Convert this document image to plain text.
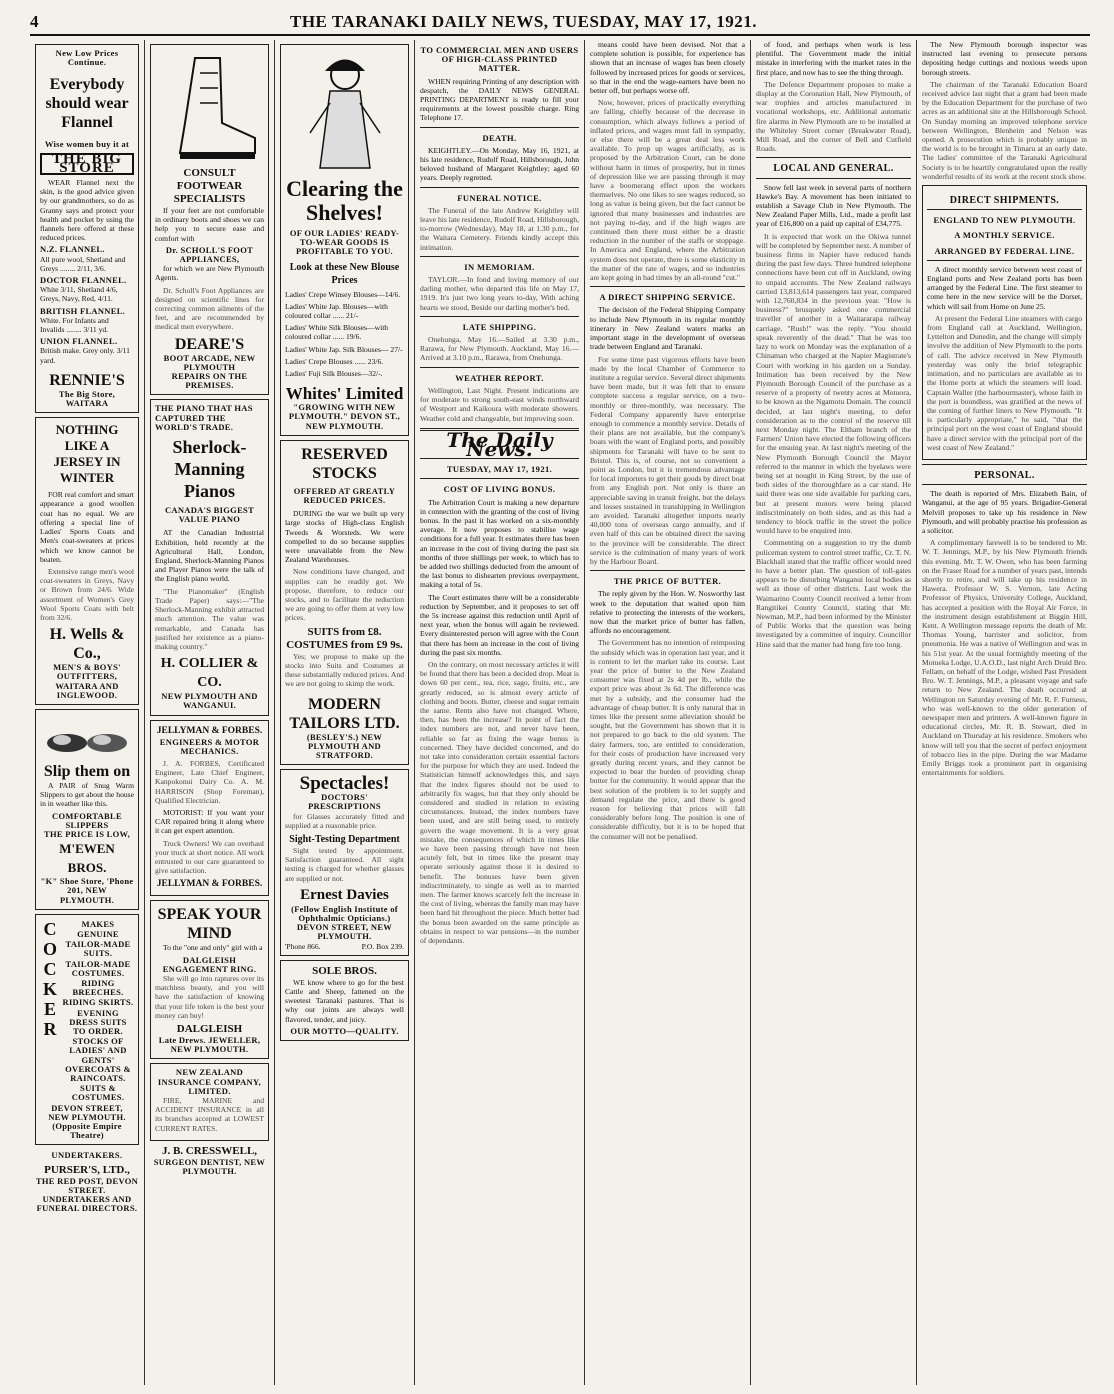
4	THE TARANAKI DAILY NEWS, TUESDAY, MAY 17, 1921.
New Low Prices Continue.
Everybody should wear Flannel
Wise women buy it at
THE BIG STORE
WEAR Flannel next the skin, is the good advice given by our grandmothers, so do as Granny says and protect your health and pocket by using the flannels here offered at these reduced prices.
N.Z. FLANNEL.
All pure wool, Shetland and Greys ........ 2/11, 3/6.
DOCTOR FLANNEL.
White 3/11, Shetland 4/6, Greys, Navy, Red, 4/11.
BRITISH FLANNEL.
White. For Infants and Invalids ........ 3/11 yd.
UNION FLANNEL.
British make. Grey only. 3/11 yard.
RENNIE'S
The Big Store, WAITARA
NOTHING LIKE A JERSEY IN WINTER
FOR real comfort and smart appearance a good woollen coat has no equal. We are offering a special line of Ladies' Sports Coats and Men's coat-sweaters at prices which we know cannot be beaten.
Extensive range men's wool coat-sweaters in Greys, Navy or Brown from 24/6. Wide assortment of Women's Grey Wool Sports Coats with belt from 32/6.
H. Wells & Co.,
MEN'S & BOYS' OUTFITTERS, WAITARA AND INGLEWOOD.
Slip them on
A PAIR of Snug Warm Slippers to get about the house in in weather like this.
COMFORTABLE SLIPPERS
THE PRICE IS LOW,
M'EWEN BROS.
"K" Shoe Store, 'Phone 201, NEW PLYMOUTH.
C
O
C
K
E
R
MAKES
GENUINE
TAILOR-MADE SUITS.
TAILOR-MADE COSTUMES.
RIDING BREECHES.
RIDING SKIRTS.
EVENING DRESS SUITS TO ORDER.
STOCKS OF LADIES' AND GENTS' OVERCOATS & RAINCOATS.
SUITS & COSTUMES.
DEVON STREET, NEW PLYMOUTH. (Opposite Empire Theatre)
UNDERTAKERS.
PURSER'S, LTD.,
THE RED POST, DEVON STREET. UNDERTAKERS AND FUNERAL DIRECTORS.
CONSULT FOOTWEAR SPECIALISTS
If your feet are not comfortable in ordinary boots and shoes we can help you to secure ease and comfort with
Dr. SCHOLL'S FOOT APPLIANCES,
for which we are New Plymouth Agents.
Dr. Scholl's Foot Appliances are designed on scientific lines for correcting common ailments of the feet, and are recommended by medical men everywhere.
DEARE'S
BOOT ARCADE, NEW PLYMOUTH
REPAIRS ON THE PREMISES.
THE PIANO THAT HAS CAPTURED THE WORLD'S TRADE.
Sherlock-Manning Pianos
CANADA'S BIGGEST VALUE PIANO
AT the Canadian Industrial Exhibition, held recently at the Agricultural Hall, London, England, Sherlock-Manning Pianos and Player Pianos were the talk of the English piano world.
"The Pianomaker" (English Trade Paper) says:—"The Sherlock-Manning exhibit attracted much attention. The value was remarkable, and Canada has justified her existence as a piano-making country."
H. COLLIER & CO.
NEW PLYMOUTH AND WANGANUI.
JELLYMAN & FORBES.
ENGINEERS & MOTOR MECHANICS.
J. A. FORBES, Certificated Engineer, Late Chief Engineer, Kanpokonui Dairy Co. A. M. HARRISON (Shop Foreman), Qualified Electrician.
MOTORIST: If you want your CAR repaired bring it along where it can get expert attention.
Truck Owners! We can overhaul your truck at short notice. All work entrusted to our care guaranteed to give satisfaction.
JELLYMAN & FORBES.
SPEAK YOUR MIND
To the "one and only" girl with a
DALGLEISH ENGAGEMENT RING.
She will go into raptures over its matchless beauty, and you will have the satisfaction of knowing that your life token is the best your money can buy!
DALGLEISH
Late Drews. JEWELLER, NEW PLYMOUTH.
NEW ZEALAND INSURANCE COMPANY, LIMITED.
FIRE, MARINE and ACCIDENT INSURANCE in all its branches accepted at LOWEST CURRENT RATES.
J. B. CRESSWELL,
SURGEON DENTIST, NEW PLYMOUTH.
Clearing the Shelves!
OF OUR LADIES' READY-TO-WEAR GOODS IS PROFITABLE TO YOU.
Look at these New Blouse Prices
Ladies' Crepe Winsey Blouses—14/6.
Ladies' White Jap. Blouses—with coloured collar ...... 21/-
Ladies' White Silk Blouses—with coloured collar ...... 19/6.
Ladies' White Jap. Silk Blouses— 27/-
Ladies' Crepe Blouses ...... 23/6.
Ladies' Fuji Silk Blouses—32/-.
Whites' Limited
"GROWING WITH NEW PLYMOUTH." DEVON ST., NEW PLYMOUTH.
RESERVED STOCKS
OFFERED AT GREATLY REDUCED PRICES.
DURING the war we built up very large stocks of High-class English Tweeds & Worsteds. We were compelled to do so because supplies were unavailable from the New Zealand Warehouses.
Now conditions have changed, and supplies can be readily got. We propose, therefore, to reduce our stocks, and to facilitate the reduction we are going to offer them at very low prices.
SUITS from £8. COSTUMES from £9 9s.
Yes; we propose to make up the stocks into Suits and Costumes at these substantially reduced prices. And we are not going to skimp the work.
MODERN TAILORS LTD.
(BESLEY'S.) NEW PLYMOUTH AND STRATFORD.
Spectacles!
DOCTORS' PRESCRIPTIONS
for Glasses accurately fitted and supplied at a reasonable price.
Sight-Testing Department
Sight tested by appointment. Satisfaction guaranteed. All sight testing is charged for whether glasses are supplied or not.
Ernest Davies
(Fellow English Institute of Ophthalmic Opticians.) DEVON STREET, NEW PLYMOUTH.
'Phone 866.	P.O. Box 239.
SOLE BROS.
WE know where to go for the best Cattle and Sheep, fattened on the sweetest Taranaki pastures. That is why our joints are always well flavored, tender, and juicy.
OUR MOTTO—QUALITY.
TO COMMERCIAL MEN AND USERS OF HIGH-CLASS PRINTED MATTER.
WHEN requiring Printing of any description with despatch, the DAILY NEWS GENERAL PRINTING DEPARTMENT is ready to fill your requirements at the lowest possible charge. Ring Telephone 17.
DEATH.
KEIGHTLEY.—On Monday, May 16, 1921, at his late residence, Rudolf Road, Hillsborough, John beloved husband of Margaret Keightley; aged 60 years. Deeply regretted.
FUNERAL NOTICE.
The Funeral of the late Andrew Keightley will leave his late residence, Rudolf Road, Hillsborough, to-morrow (Wednesday), May 18, at 1.30 p.m., for the Waitara Cemetery. Friends kindly accept this intimation.
IN MEMORIAM.
TAYLOR.—In fond and loving memory of our darling mother, who departed this life on May 17, 1919. It's just two long years to-day, With aching hearts we stood, Beside our darling mother's bed.
LATE SHIPPING.
Onehunga, May 16.—Sailed at 3.30 p.m., Rarawa, for New Plymouth. Auckland, May 16.—Arrived at 3.10 p.m., Rarawa, from Onehunga.
WEATHER REPORT.
Wellington, Last Night. Present indications are for moderate to strong south-east winds northward of Westport and Kaikoura with moderate showers. Weather cold and changeable, but improving soon.
The Daily News.
TUESDAY, MAY 17, 1921.
COST OF LIVING BONUS.
The Arbitration Court is making a new departure in connection with the granting of the cost of living bonus. In the past it has worked on a six-monthly average. It now proposes to stabilise wage conditions for a full year. It estimates there has been an increase in the cost of living during the past six months of three shillings per week, to which has to be added two shillings deducted from the amount of the last bonus to dishearten previous overpayment, making a total of 5s.
The Court estimates there will be a considerable reduction by September, and it proposes to set off the 5s increase against this reduction until April of next year, when the bonus will again be reviewed. Every disinterested person will agree with the Court that there has been an increase in the cost of living during the past six months.
On the contrary, on most necessary articles it will be found that there has been a decided drop. Meat is down 60 per cent., tea, rice, sago, fruits, etc., are greatly reduced, so is almost every article of clothing and boots. Butter, cheese and sugar remain the same. Rents also have not changed. Where, then, has been the increase? In point of fact the index numbers are not, and never have been, reliable so far as fixing the wage bonus is concerned. They have decided concerned, and do not take into consideration certain essential factors for the purpose for which they are used. Indeed the Statistician himself acknowledges this, and says that the index figures should not be used to arbitrarily fix wages, but that they only should be considered and studied in relation to existing circumstances. Instead, the index numbers have been used, and are still being used, to entirely govern the wage movement. It is a very great mistake, the consequences of which in times like we have been passing through have not been acutely felt, but in times like the present may operate seriously against those it is desired to benefit. The bonuses have been given indiscriminately, to single as well as to married men. The farmer knows scarcely felt the increase in the cost of living, whereas the family man may have been hard hit throughout the piece. Much better had the bonus been awarded on the same principle as obtains in respect to war pensions—in the number of dependants.
means could have been devised. Not that a complete solution is possible, for experience has shown that an increase of wages has been closely followed by increased prices for goods or services, so that in the end the wage-earners have been no better off, but perhaps worse off.
Now, however, prices of practically everything are falling, chiefly because of the decrease in consumption, which always follows a period of inflated prices, and wages must fall in sympathy, or else there will be a great deal less work available. To prop up wages artificially, as is proposed by the Arbitration Court, can be done without harm in times of prosperity, but in times of depression like we are passing through it may have a boomerang effect upon the workers themselves. No one likes to see wages reduced, so long as value is being given, but the fact cannot be ignored that many businesses and industries are not paying to-day, and if the high wages are continued then there must either be a drastic reduction in the number of the staffs or stoppage. In America and England, where the Arbitration system does not operate, there is some elasticity in the matter of the rate of wages, and so industries are kept going in bad times by an all-round "cut."
A DIRECT SHIPPING SERVICE.
The decision of the Federal Shipping Company to include New Plymouth in its regular monthly itinerary in New Zealand waters marks an important stage in the development of overseas trade between England and Taranaki.
For some time past vigorous efforts have been made by the local Chamber of Commerce to institute a regular service. Several direct shipments have been made, but it was felt that to ensure complete success a regular service, on a two-monthly or three-monthly, was necessary. The Federal Company apparently have enterprise enough to commence a monthly service. Details of their plans are not available, but the company's boats with the want of England ports, and possibly shipments for Taranaki will have to be sent to Bristol. This is, of course, not so convenient a point as London, but it is tremendous advantage for local importers to get their goods by direct boat from any English port. Not only is there an appreciable saving in transit freight, but the delays and losses sustained in transhipping in Wellington are avoided. Taranaki altogether imports nearly 40,000 tons of overseas cargo annually, and if even half of this can be obtained direct the saving to the province will be considerable. The direct service is the culmination of many years of work by the Harbour Board.
THE PRICE OF BUTTER.
The reply given by the Hon. W. Nosworthy last week to the deputation that waited upon him relative to protecting the interests of the workers, now that the market price of butter has fallen, affords no encouragement.
The Government has no intention of reimposing the subsidy which was in operation last year, and it is content to let the market take its course. Last year the price of butter to the New Zealand consumer was fixed at 2s 4d per lb., while the export price was about 3s 6d. The difference was met by a subsidy, and the consumer had the advantage of cheap butter. It is only natural that in times like the present some alleviation should be sought, but the Government has shown that it is not prepared to go back to the old system. The dairy farmers, too, are entitled to consideration, for their costs of production have increased very greatly during recent years, and they cannot be expected to bear the burden of providing cheap butter for the community. It would appear that the best solution of the problem is to let supply and demand regulate the price, and there is good reason for believing that prices will fall considerably before long. The position is one of considerable difficulty, but it is to be hoped that the consumer will not be penalised.
of food, and perhaps when work is less plentiful. The Government made the initial mistake in interfering with the market rates in the first place, and now has to see the thing through.
The Defence Department proposes to make a display at the Coronation Hall, New Plymouth, of war trophies and articles manufactured in vocational workshops, etc. Additional automatic fire alarms in New Plymouth are to be installed at the Whiteley Street corner (Breakwater Road), Mill Road, and the corner of Bell and Cutfield Roads.
LOCAL AND GENERAL.
Snow fell last week in several parts of northern Hawke's Bay. A movement has been initiated to establish a Savage Club in New Plymouth. The New Zealand Paper Mills, Ltd., made a profit last year of £16,800 on a paid up capital of £34,775.
It is expected that work on the Okiwa tunnel will be completed by September next. A number of business firms in Napier have reduced hands during the past few days. Three hundred telephone connections have been cut off in Auckland, owing to unpaid accounts. The New Zealand railways carried 13,813,614 passengers last year, compared with 12,760,834 in the previous year. "How is business?" brusquely asked one commercial traveller of another in a Waitararapa railway carriage. "Rush!" was the reply. "You should speak reverently of the dead." That he was too lazy to work on Monday was the explanation of a Chinaman who charged at the Napier Magistrate's Court with working in his garden on a Sunday. Intimation has been received by the New Plymouth Borough Council of the purchase as a reserve of a property of twenty acres at Motuora, to be known as the Ngamotu Domain. The council decided, at last night's meeting, to defer consideration as to the control of the reserve till next Monday night. The Eltham branch of the Farmers' Union have elected the following officers for the ensuing year. At last night's meeting of the New Plymouth Borough Council the Mayor referred to the manner in which the byelaws were being set at nought in King Street, by the use of both sides of the thoroughfare as a car stand. He said there was one side available for parking cars, but at present motors were being placed indiscriminately on both sides, and as this had a tendency to block traffic in the street the police would have to be enquired into.
Commenting on a suggestion to try the dumb policeman system to control street traffic, Cr. T. N. Blackhall stated that the traffic officer would need to have a better plan. The question of toll-gates appears to be disturbing Wanganui local bodies as well as those of other districts. Last week the Waimarino County Council received a letter from Rangitikei County Council, stating that Mr. Newman, M.P., had been informed by the Minister of Public Works that the question was being investigated by a committee of inquiry. Councillor Hine said that the matter had hung fire too long.
The New Plymouth borough inspector was instructed last evening to prosecute persons depositing hedge cuttings and noxious weeds upon borough streets.
The chairman of the Taranaki Education Board received advice last night that a grant had been made by the Education Department for the purchase of two acres as an additional site at the Hillsborough School. On Sunday morning an improved telephone service between Wellington, Blenheim and Nelson was opened. A prosecution which is probably unique in the world is to be brought in Timaru at an early date. The ladies' committee of the Taranaki Agricultural Society is to be heartily congratulated upon the really wonderful results of its work at the recent stock show.
DIRECT SHIPMENTS.
ENGLAND TO NEW PLYMOUTH.
A MONTHLY SERVICE.
ARRANGED BY FEDERAL LINE.
A direct monthly service between west coast of England ports and New Zealand ports has been arranged by the Federal Line. The first steamer to come here in the new service will be the Dorset, which will sail from Home on June 25.
At present the Federal Line steamers with cargo from England call at Auckland, Wellington, Lyttelton and Dunedin, and the change will simply involve the addition of New Plymouth to the ports of call. The advice received in New Plymouth yesterday was only the brief telegraphic intimation, and no particulars are available as to the Home ports at which the steamers will load. Captain Waller (the harbourmaster), whose faith in the port is boundless, was gratified at the news of the coming of further liners to New Plymouth. "It is particularly appropriate," he said, "that the principal port on the west coast of England should have a direct service with the principal port of the west coast of New Zealand."
PERSONAL.
The death is reported of Mrs. Elizabeth Bain, of Wanganui, at the age of 95 years. Brigadier-General Melvill proposes to take up his residence in New Plymouth, and will probably practise his profession as a solicitor.
A complimentary farewell is to be tendered to Mr. W. T. Jennings, M.P., by his New Plymouth friends this evening. Mr. T. W. Owen, who has been farming on the Fraser Road for a number of years past, intends shortly to retire, and will take up his residence in Hawera. Professor W. S. Vernon, late Acting Professor of Physics, University College, Auckland, has accepted a position with the Royal Air Force, in the instrument design establishment at Biggin Hill, Kent. A Wellington message reports the death of Mr. Thomas Young, barrister and solicitor, from pneumonia. He was a native of Wellington and was in his 51st year. At the usual fortnightly meeting of the Motueka Lodge, U.A.O.D., last night Arch Druid Bro. Fellam, on behalf of the Lodge, wished Past President Bro. W. T. Jennings, M.P., a pleasant voyage and safe return to New Zealand. The death occurred at Wellington on Saturday evening of Mr. R. F. Furness, who was well-known to the older generation of newspaper men and printers. A well-known figure in educational circles, Mr. R. B. Stewart, died in Auckland on Thursday at his residence. Smokers who know will tell you that the secret of perfect enjoyment of tobacco lies in the pipe. During the war Madame Emily Briggs took a prominent part in organising entertainments for soldiers.
